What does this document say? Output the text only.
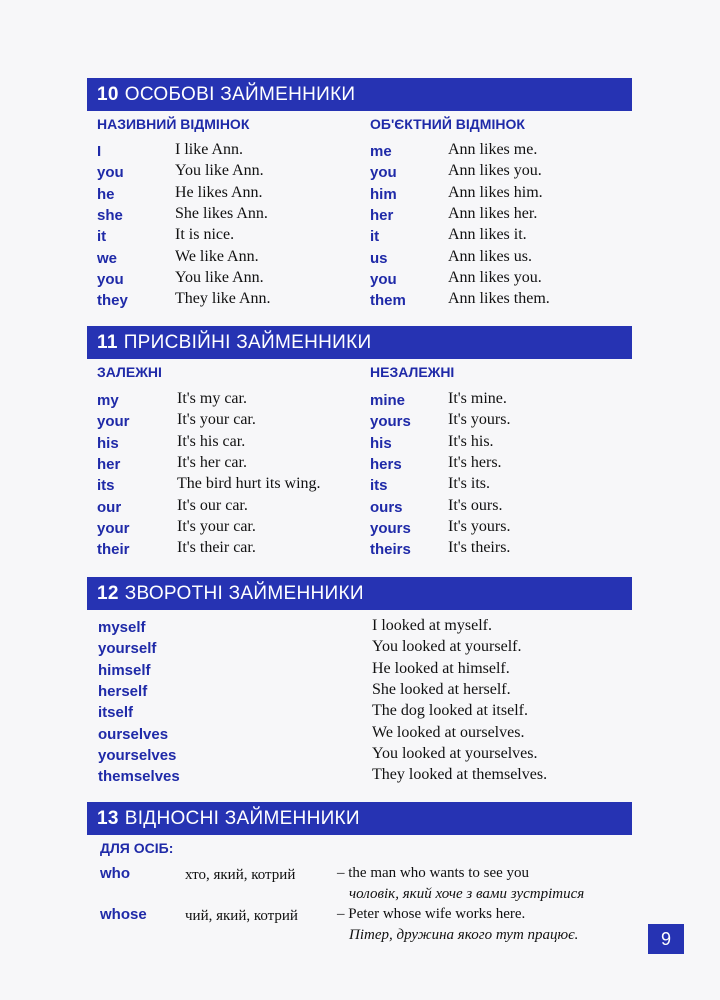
10 ОСОБОВІ ЗАЙМЕННИКИ
НАЗИВНИЙ ВІДМІНОК	ОБ'ЄКТНИЙ ВІДМІНОК
I	I like Ann.
you	You like Ann.
he	He likes Ann.
she	She likes Ann.
it	It is nice.
we	We like Ann.
you	You like Ann.
they	They like Ann.
me	Ann likes me.
you	Ann likes you.
him	Ann likes him.
her	Ann likes her.
it	Ann likes it.
us	Ann likes us.
you	Ann likes you.
them	Ann likes them.
11 ПРИСВІЙНІ ЗАЙМЕННИКИ
ЗАЛЕЖНІ	НЕЗАЛЕЖНІ
my	It's my car.
your	It's your car.
his	It's his car.
her	It's her car.
its	The bird hurt its wing.
our	It's our car.
your	It's your car.
their	It's their car.
mine	It's mine.
yours It's yours.
his	It's his.
hers	It's hers.
its	It's its.
ours	It's ours.
yours It's yours.
theirs It's theirs.
12 ЗВОРОТНІ ЗАЙМЕННИКИ
myself	I looked at myself.
yourself	You looked at yourself.
himself	He looked at himself.
herself	She looked at herself.
itself	The dog looked at itself.
ourselves	We looked at ourselves.
yourselves	You looked at yourselves.
themselves	They looked at themselves.
13 ВІДНОСНІ ЗАЙМЕННИКИ
ДЛЯ ОСІБ:
who	хто, який, котрий	– the man who wants to see you
чоловік, який хоче з вами зустрітися
whose	чий, який, котрий	– Peter whose wife works here.
Пітер, дружина якого тут працює.	9
